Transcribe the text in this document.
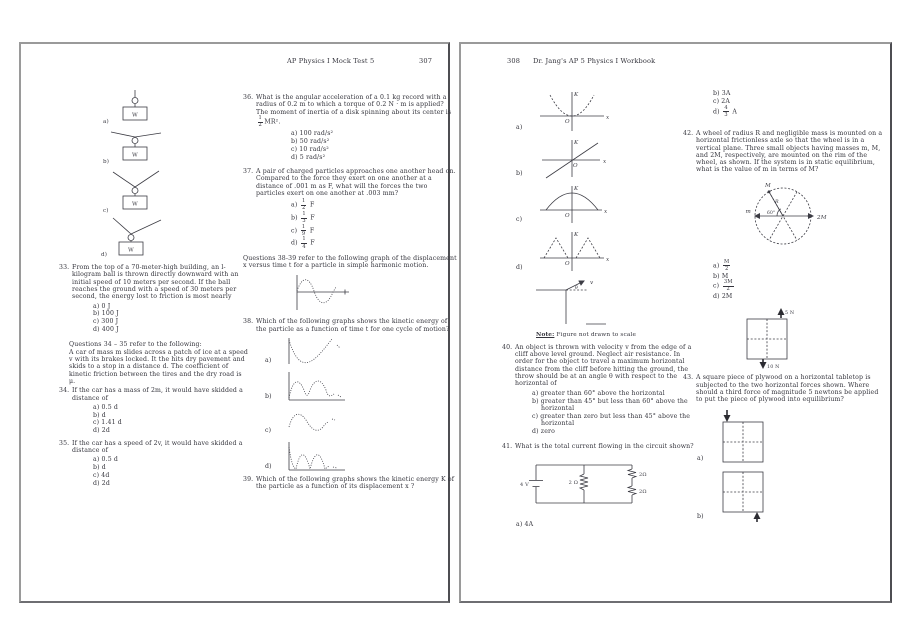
AP Physics I Mock Test 5	307
W
a)
W
b)
W
c)
W
d)
33. From the top of a 70-meter-high building, an l-kilogram ball is thrown directly downward with an initial speed of 10 meters per second. If the ball reaches the ground with a speed of 30 meters per second, the energy lost to friction is most nearly
a) 0 J
b) 100 J
c) 300 J
d) 400 J
Questions 34 – 35 refer to the following:
A car of mass m slides across a patch of ice at a speed v with its brakes locked. It the hits dry pavement and skids to a stop in a distance d. The coefficient of kinetic friction between the tires and the dry road is μ.
34. If the car has a mass of 2m, it would have skidded a distance of
a) 0.5 d
b) d
c) 1.41 d
d) 2d
35. If the car has a speed of 2v, it would have skidded a distance of
a) 0.5 d
b) d
c) 4d
d) 2d
36. What is the angular acceleration of a 0.1 kg record with a radius of 0.2 m to which a torque of 0.2 N · m is applied? The moment of inertia of a disk spinning about its center is
$\frac{1}{2} MR^2$.
a) 100 rad/s²
b) 50 rad/s²
c) 10 rad/s²
d) 5 rad/s²
37. A pair of charged particles approaches one another head on. Compared to the force they exert on one another at a distance of .001 m as F, what will the forces the two particles exert on one another at .003 mm?
$a) \frac{1}{2}$ F
$b) \frac{1}{3}$ F
$c) \frac{1}{9}$ F
$d) \frac{1}{4}$ F
Questions 38-39 refer to the following graph of the displacement x versus time t for a particle in simple harmonic motion.
38. Which of the following graphs shows the kinetic energy of the particle as a function of time t for one cycle of motion?
a)
b)
c)
d)
39. Which of the following graphs shows the kinetic energy K of the particle as a function of its displacement x ?
308 Dr. Jang's AP 5 Physics I Workbook
a)
K
x
O
b)
K
x
O
c)
K
x
O
d)
K
x
O
v
θ
Note: Figure not drawn to scale
40. An object is thrown with velocity v from the edge of a cliff above level ground. Neglect air resistance. In order for the object to travel a maximum horizontal distance from the cliff before hitting the ground, the throw should be at an angle θ with respect to the horizontal of
a) greater than 60° above the horizontal
b) greater than 45° but less than 60° above the horizontal
c) greater than zero but less than 45° above the horizontal
d) zero
41. What is the total current flowing in the circuit shown?
4 V	2 Ω
2Ω
2Ω
a) 4A
b) 3A
c) 2A
$d) \frac{4}{3}$ A
42. A wheel of radius R and negligible mass is mounted on a horizontal frictionless axle so that the wheel is in a vertical plane. Three small objects having masses m, M, and 2M, respectively, are mounted on the rim of the wheel, as shown. If the system is in static equilibrium, what is the value of m in terms of M?
M
m
2M
R
60°
$a) \frac{M}{2}$
b) M
$c) \frac{3M}{2}$
d) 2M
5 N
10 N
43. A square piece of plywood on a horizontal tabletop is subjected to the two horizontal forces shown. Where should a third force of magnitude 5 newtons be applied to put the piece of plywood into equilibrium?
a)
b)
